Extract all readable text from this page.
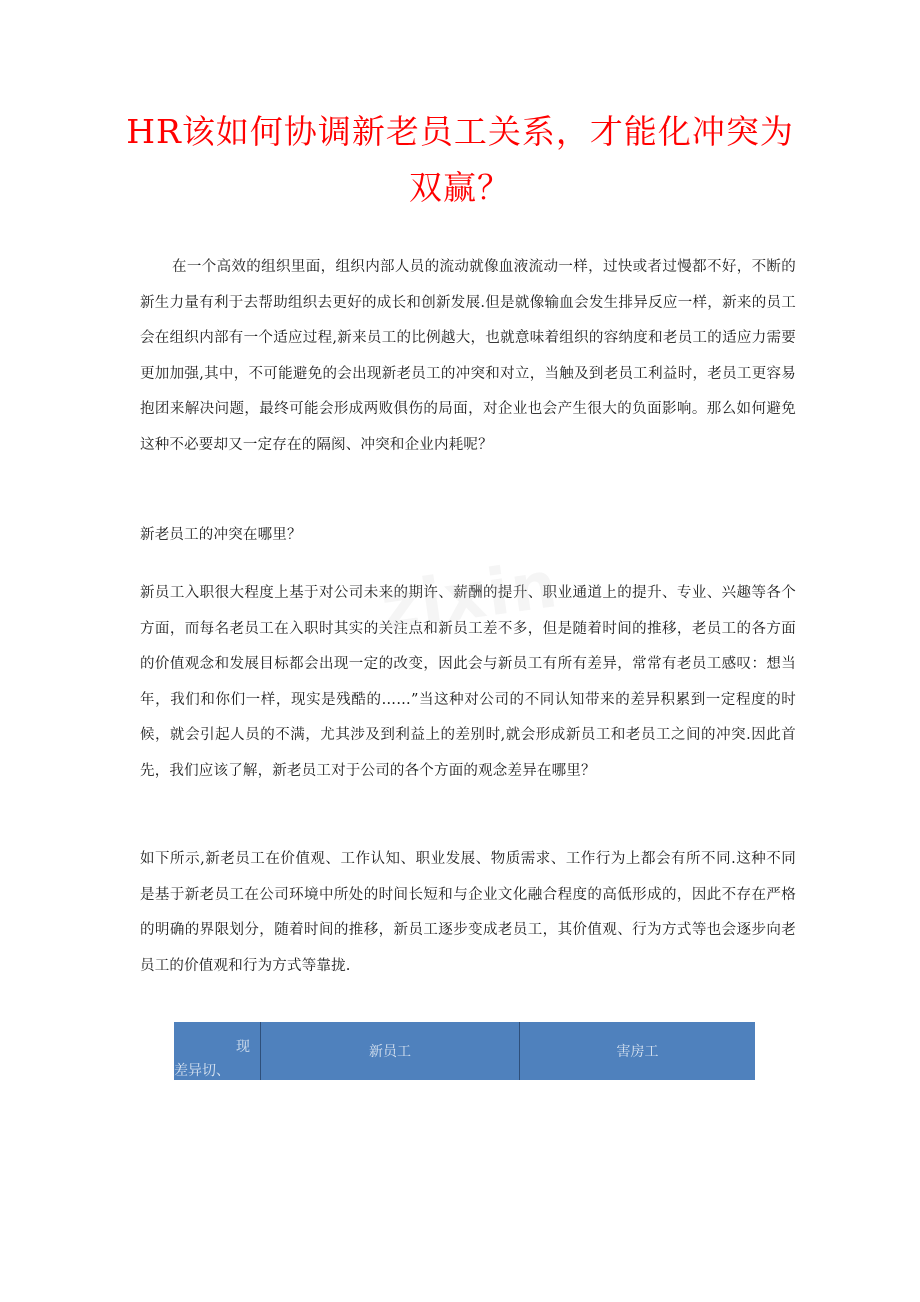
HR该如何协调新老员工关系，才能化冲突为双赢？
在一个高效的组织里面，组织内部人员的流动就像血液流动一样，过快或者过慢都不好，不断的新生力量有利于去帮助组织去更好的成长和创新发展.但是就像输血会发生排异反应一样，新来的员工会在组织内部有一个适应过程,新来员工的比例越大，也就意味着组织的容纳度和老员工的适应力需要更加加强,其中，不可能避免的会出现新老员工的冲突和对立，当触及到老员工利益时，老员工更容易抱团来解决问题，最终可能会形成两败俱伤的局面，对企业也会产生很大的负面影响。那么如何避免这种不必要却又一定存在的隔阂、冲突和企业内耗呢？
新老员工的冲突在哪里？
新员工入职很大程度上基于对公司未来的期许、薪酬的提升、职业通道上的提升、专业、兴趣等各个方面，而每名老员工在入职时其实的关注点和新员工差不多，但是随着时间的推移，老员工的各方面的价值观念和发展目标都会出现一定的改变，因此会与新员工有所有差异，常常有老员工感叹：想当年，我们和你们一样，现实是残酷的……”当这种对公司的不同认知带来的差异积累到一定程度的时候，就会引起人员的不满，尤其涉及到利益上的差别时,就会形成新员工和老员工之间的冲突.因此首先，我们应该了解，新老员工对于公司的各个方面的观念差异在哪里？
如下所示,新老员工在价值观、工作认知、职业发展、物质需求、工作行为上都会有所不同.这种不同是基于新老员工在公司环境中所处的时间长短和与企业文化融合程度的高低形成的，因此不存在严格的明确的界限划分，随着时间的推移，新员工逐步变成老员工，其价值观、行为方式等也会逐步向老员工的价值观和行为方式等靠拢.
zixin
现
差异切、
新员工	害房工
